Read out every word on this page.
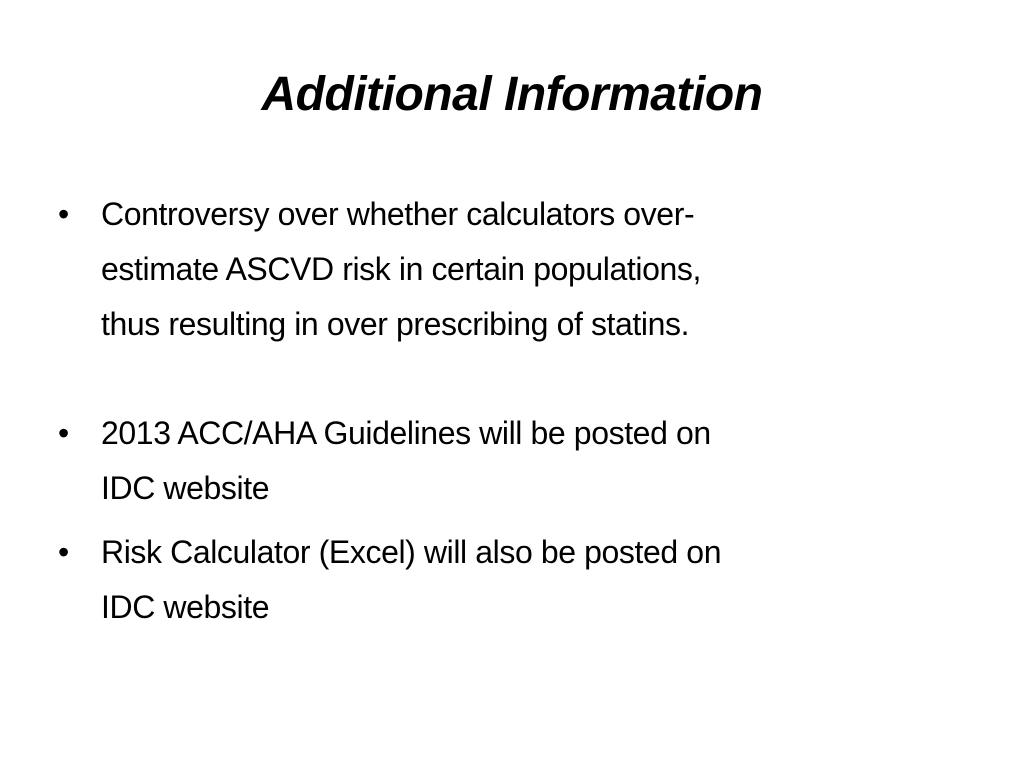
Additional Information
• Controversy over whether calculators over-
estimate ASCVD risk in certain populations,
thus resulting in over prescribing of statins.
• 2013 ACC/AHA Guidelines will be posted on
IDC website
• Risk Calculator (Excel) will also be posted on
IDC website
